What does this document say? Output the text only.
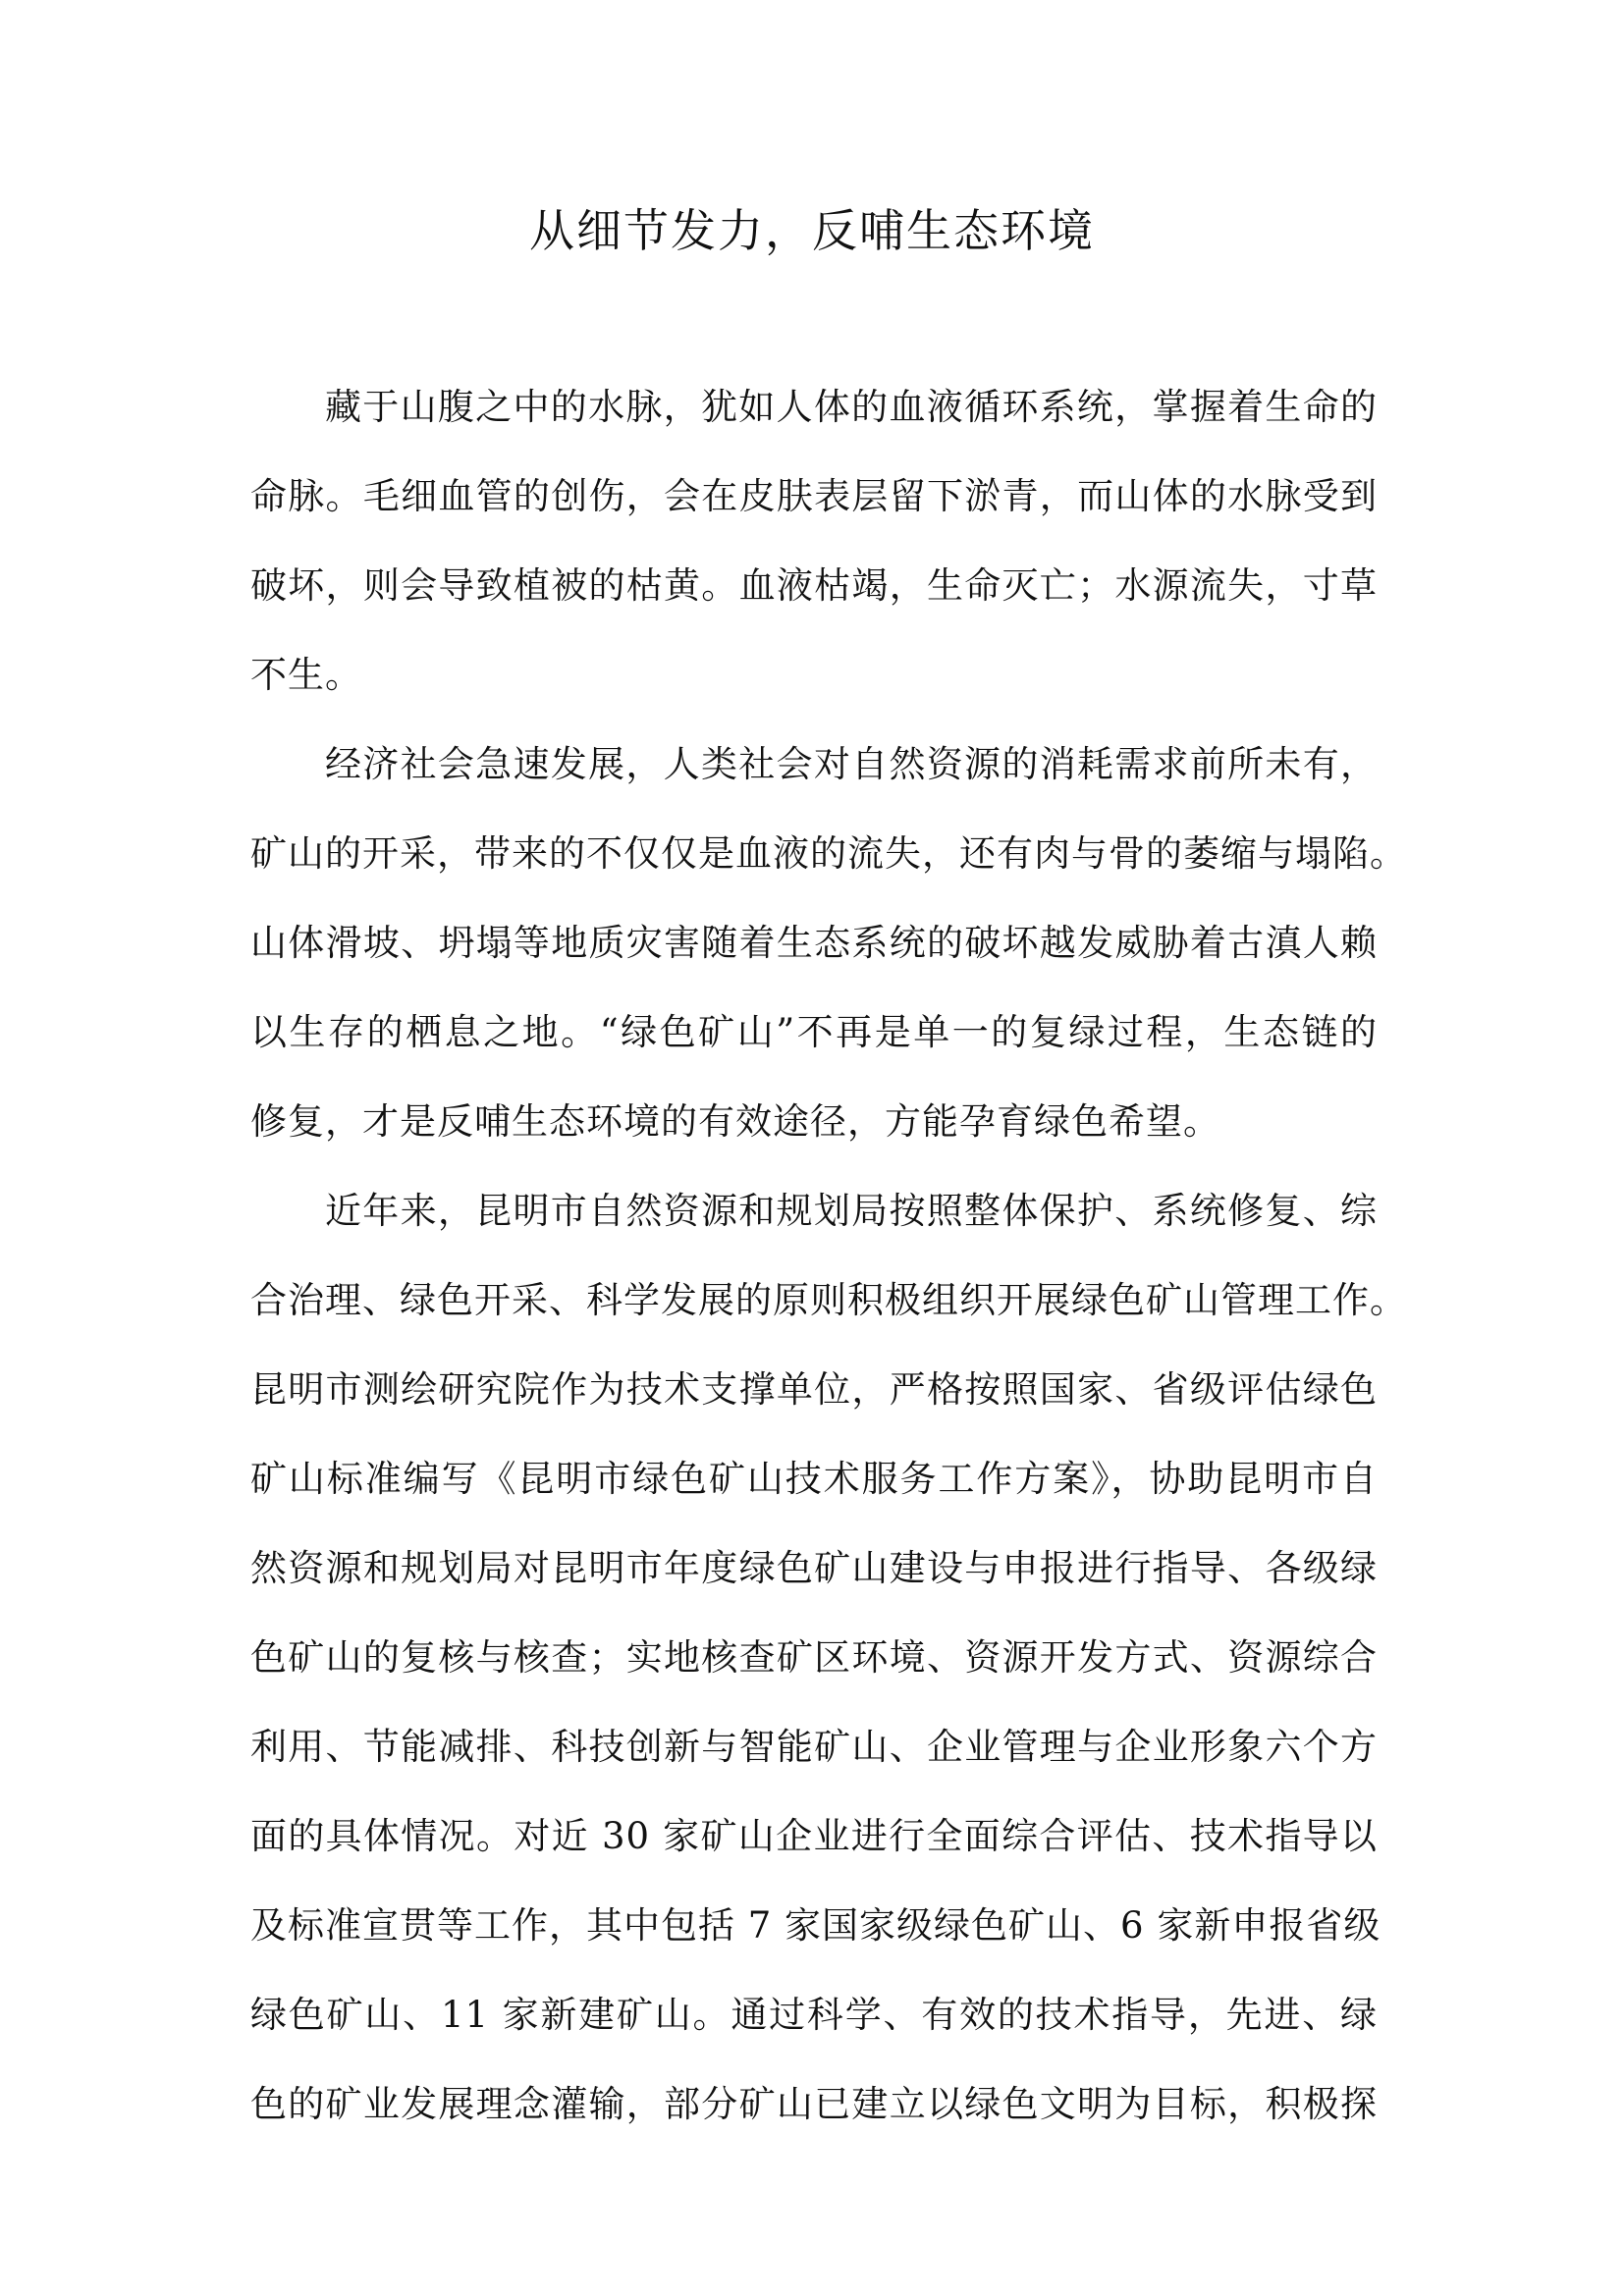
从细节发力，反哺生态环境
藏于山腹之中的水脉，犹如人体的血液循环系统，掌握着生命的
命脉。毛细血管的创伤，会在皮肤表层留下淤青，而山体的水脉受到
破坏，则会导致植被的枯黄。血液枯竭，生命灭亡；水源流失，寸草
不生。
经济社会急速发展，人类社会对自然资源的消耗需求前所未有，
矿山的开采，带来的不仅仅是血液的流失，还有肉与骨的萎缩与塌陷。
山体滑坡、坍塌等地质灾害随着生态系统的破坏越发威胁着古滇人赖
以生存的栖息之地。“绿色矿山”不再是单一的复绿过程，生态链的
修复，才是反哺生态环境的有效途径，方能孕育绿色希望。
近年来，昆明市自然资源和规划局按照整体保护、系统修复、综
合治理、绿色开采、科学发展的原则积极组织开展绿色矿山管理工作。
昆明市测绘研究院作为技术支撑单位，严格按照国家、省级评估绿色
矿山标准编写《昆明市绿色矿山技术服务工作方案》，协助昆明市自
然资源和规划局对昆明市年度绿色矿山建设与申报进行指导、各级绿
色矿山的复核与核查；实地核查矿区环境、资源开发方式、资源综合
利用、节能减排、科技创新与智能矿山、企业管理与企业形象六个方
面的具体情况。对近 30 家矿山企业进行全面综合评估、技术指导以
及标准宣贯等工作，其中包括 7 家国家级绿色矿山、6 家新申报省级
绿色矿山、11 家新建矿山。通过科学、有效的技术指导，先进、绿
色的矿业发展理念灌输，部分矿山已建立以绿色文明为目标，积极探
